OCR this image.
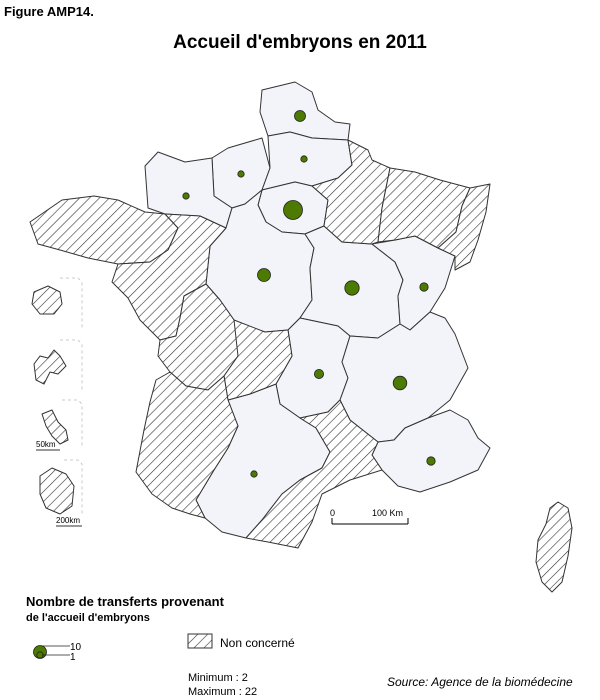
Figure AMP14.
Accueil d'embryons en 2011
50km
200km
0	100 Km
10
1
Nombre de transferts provenant
de l'accueil d'embryons
Non concerné
Minimum : 2
Maximum : 22
Source: Agence de la biomédecine
